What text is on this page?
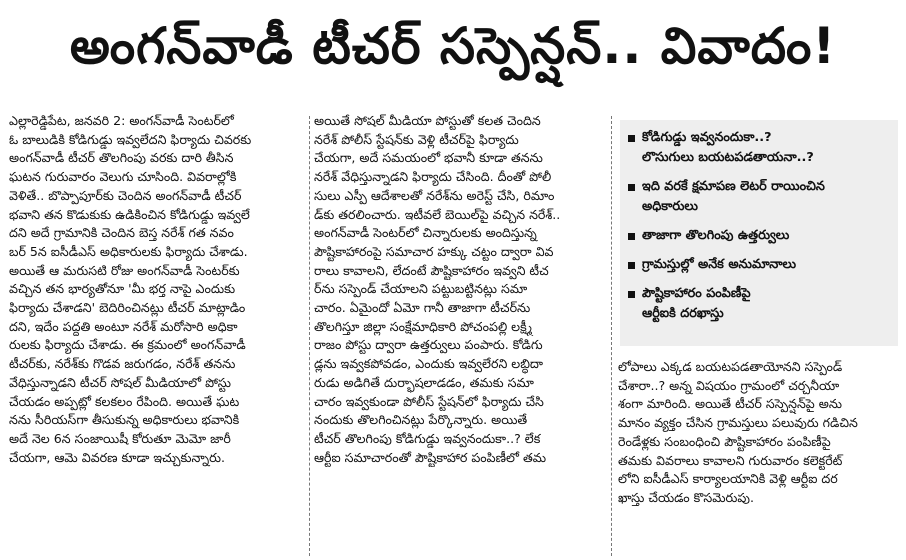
అంగన్‌వాడీ టీచర్ సస్పెన్షన్.. వివాదం!

ఎల్లారెడ్డిపేట, జనవరి 2: అంగన్‌వాడీ సెంటర్‌లో

ఓ బాలుడికి కోడిగుడ్డు ఇవ్వలేదని ఫిర్యాదు చివరకు

అంగన్‌వాడీ టీచర్ తొలగింపు వరకు దారి తీసిన

ఘటన గురువారం వెలుగు చూసింది. వివరాల్లోకి

వెళితే.. బొప్పాపూర్‌కు చెందిన అంగన్‌వాడీ టీచర్

భవాని తన కొడుకుకు ఉడికించిన కోడిగుడ్డు ఇవ్వలే

దని అదే గ్రామానికి చెందిన బెస్త నరేశ్ గత నవం

బర్ 5న ఐసీడీఎస్ అధికారులకు ఫిర్యాదు చేశాడు.

అయితే ఆ మరుసటి రోజు అంగన్‌వాడీ సెంటర్‌కు

వచ్చిన తన భార్యతోనూ 'మీ భర్త నాపై ఎందుకు

ఫిర్యాదు చేశాడని' బెదిరించినట్లు టీచర్ మాట్లాడిం

దని, ఇదేం పద్ధతి అంటూ నరేశ్ మరోసారి అధికా

రులకు ఫిర్యాదు చేశాడు. ఈ క్రమంలో అంగన్‌వాడీ

టీచర్‌కు, నరేశ్‌కు గొడవ జరుగడం, నరేశ్ తనను

వేధిస్తున్నాడని టీచర్ సోషల్ మీడియాలో పోస్టు

చేయడం అప్పట్లో కలకలం రేపింది. అయితే ఘట

నను సీరియస్‌గా తీసుకున్న అధికారులు భవానికి

అదే నెల 6న సంజాయిషీ కోరుతూ మెమో జారీ

చేయగా, ఆమె వివరణ కూడా ఇచ్చుకున్నారు.

అయితే సోషల్ మీడియా పోస్టుతో కలత చెందిన

నరేశ్ పోలీస్ స్టేషన్‌కు వెళ్లి టీచర్‌పై ఫిర్యాదు

చేయగా, అదే సమయంలో భవానీ కూడా తనను

నరేశ్ వేధిస్తున్నాడని ఫిర్యాదు చేసింది. దీంతో పోలీ

సులు ఎస్పీ ఆదేశాలతో నరేశ్‌ను అరెస్ట్ చేసి, రిమాం

డ్‌కు తరలించారు. ఇటీవలే బెయిల్‌పై వచ్చిన నరేశ్..

అంగన్‌వాడీ సెంటర్‌లో చిన్నారులకు అందిస్తున్న

పౌష్టికాహారంపై సమాచార హక్కు చట్టం ద్వారా వివ

రాలు కావాలని, లేదంటే పౌష్టికాహారం ఇవ్వని టీచ

ర్‌ను సస్పెండ్ చేయాలని పట్టుబట్టినట్లు సమా

చారం. ఏమైందో ఏమో గానీ తాజాగా టీచర్‌ను

తొలగిస్తూ జిల్లా సంక్షేమాధికారి పోచంపల్లి లక్ష్మీ

రాజం పోస్టు ద్వారా ఉత్తర్వులు పంపారు. కోడిగు

డ్లను ఇవ్వకపోవడం, ఎందుకు ఇవ్వలేరని లబ్ధిదా

రుడు అడిగితే దుర్భాషలాడడం, తమకు సమా

చారం ఇవ్వకుండా పోలీస్ స్టేషన్‌లో ఫిర్యాదు చేసి

నందుకు తొలగించినట్లు పేర్కొన్నారు. అయితే

టీచర్ తొలగింపు కోడిగుడ్డు ఇవ్వనందుకా..? లేక

ఆర్టీఐ సమాచారంతో పౌష్టికాహార పంపిణీలో తమ

కోడిగుడ్డు ఇవ్వనందుకా..?
లొసుగులు బయటపడతాయనా..?
ఇది వరకే క్షమాపణ లెటర్ రాయించిన
అధికారులు
తాజాగా తొలగింపు ఉత్తర్వులు
గ్రామస్తుల్లో అనేక అనుమానాలు
పౌష్టికాహారం పంపిణీపై
ఆర్టీఐకి దరఖాస్తు

లోపాలు ఎక్కడ బయటపడతాయోనని సస్పెండ్

చేశారా..? అన్న విషయం గ్రామంలో చర్చనీయా

శంగా మారింది. అయితే టీచర్ సస్పెన్షన్‌పై అను

మానం వ్యక్తం చేసిన గ్రామస్తులు పలువురు గడిచిన

రెండేళ్లకు సంబంధించి పౌష్టికాహారం పంపిణీపై

తమకు వివరాలు కావాలని గురువారం కలెక్టరేట్

లోని ఐసీడీఎస్ కార్యాలయానికి వెళ్లి ఆర్టీఐ దర

ఖాస్తు చేయడం కొసమెరుపు.
